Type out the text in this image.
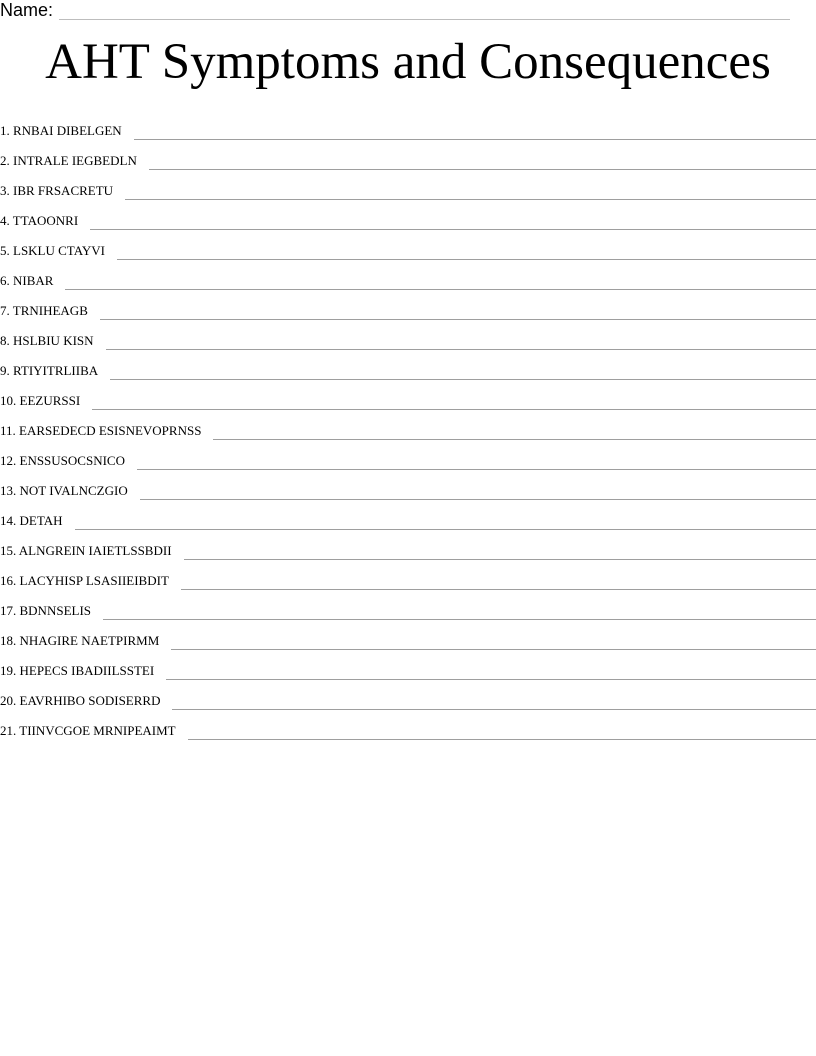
Name:
AHT Symptoms and Consequences
1. RNBAI DIBELGEN
2. INTRALE IEGBEDLN
3. IBR FRSACRETU
4. TTAOONRI
5. LSKLU CTAYVI
6. NIBAR
7. TRNIHEAGB
8. HSLBIU KISN
9. RTIYITRLIIBA
10. EEZURSSI
11. EARSEDECD ESISNEVOPRNSS
12. ENSSUSOCSNICO
13. NOT IVALNCZGIO
14. DETAH
15. ALNGREIN IAIETLSSBDII
16. LACYHISP LSASIIEIBDIT
17. BDNNSELIS
18. NHAGIRE NAETPIRMM
19. HEPECS IBADIILSSTEI
20. EAVRHIBO SODISERRD
21. TIINVCGOE MRNIPEAIMT
